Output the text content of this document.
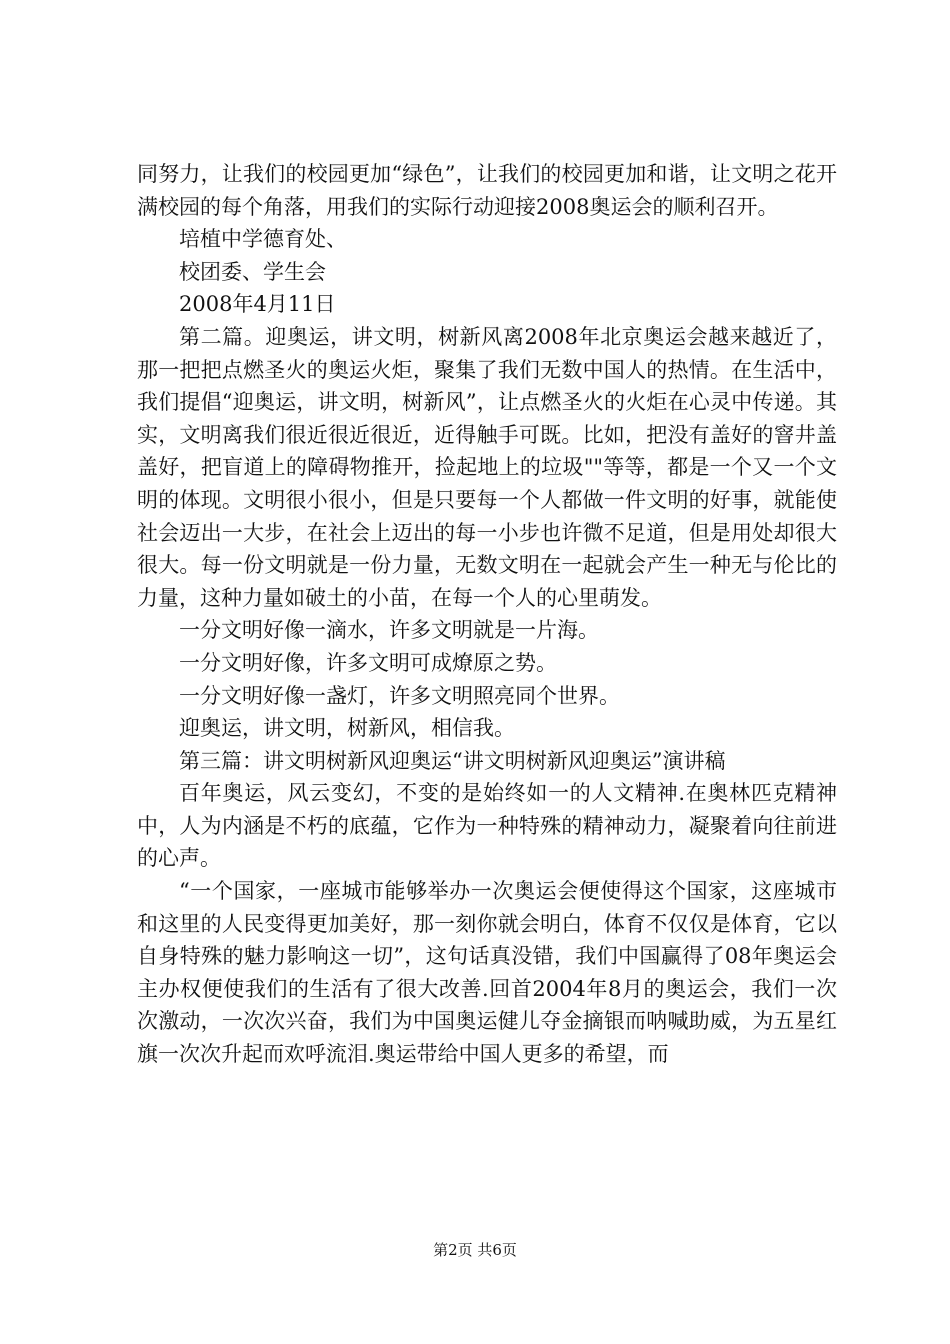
同努力，让我们的校园更加“绿色”，让我们的校园更加和谐，让文明之花开满校园的每个角落，用我们的实际行动迎接2008奥运会的顺利召开。

培植中学德育处、

校团委、学生会

2008年4月11日

第二篇。迎奥运，讲文明，树新风离2008年北京奥运会越来越近了，那一把把点燃圣火的奥运火炬，聚集了我们无数中国人的热情。在生活中，我们提倡“迎奥运，讲文明，树新风”，让点燃圣火的火炬在心灵中传递。其实，文明离我们很近很近很近，近得触手可既。比如，把没有盖好的窨井盖盖好，把盲道上的障碍物推开，捡起地上的垃圾""等等，都是一个又一个文明的体现。文明很小很小，但是只要每一个人都做一件文明的好事，就能使社会迈出一大步，在社会上迈出的每一小步也许微不足道，但是用处却很大很大。每一份文明就是一份力量，无数文明在一起就会产生一种无与伦比的力量，这种力量如破土的小苗，在每一个人的心里萌发。

一分文明好像一滴水，许多文明就是一片海。

一分文明好像，许多文明可成燎原之势。

一分文明好像一盏灯，许多文明照亮同个世界。

迎奥运，讲文明，树新风，相信我。

第三篇：讲文明树新风迎奥运“讲文明树新风迎奥运”演讲稿

百年奥运，风云变幻，不变的是始终如一的人文精神.在奥林匹克精神中，人为内涵是不朽的底蕴，它作为一种特殊的精神动力，凝聚着向往前进的心声。

“一个国家，一座城市能够举办一次奥运会便使得这个国家，这座城市和这里的人民变得更加美好，那一刻你就会明白，体育不仅仅是体育，它以自身特殊的魅力影响这一切”，这句话真没错，我们中国赢得了08年奥运会主办权便使我们的生活有了很大改善.回首2004年8月的奥运会，我们一次次激动，一次次兴奋，我们为中国奥运健儿夺金摘银而呐喊助威，为五星红旗一次次升起而欢呼流泪.奥运带给中国人更多的希望，而

第2页 共6页
